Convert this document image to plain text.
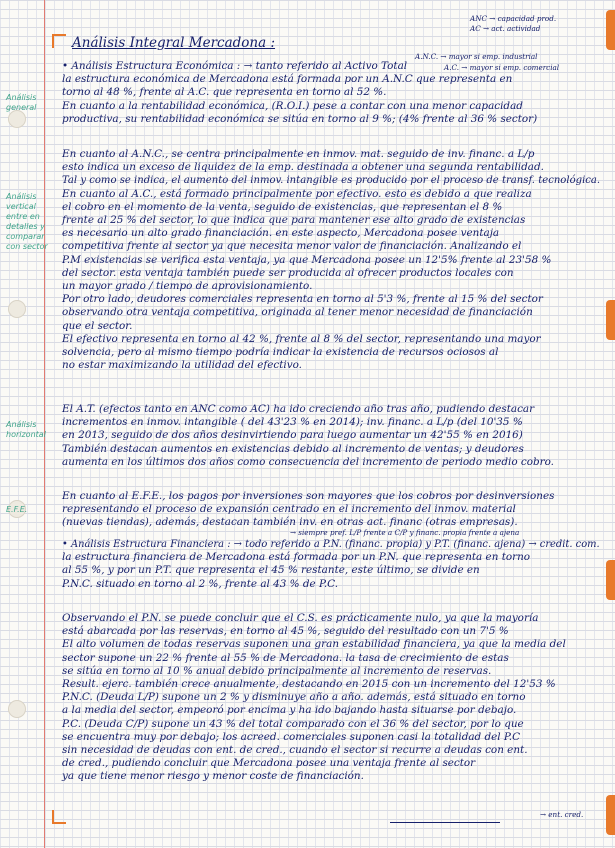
Análisis Integral Mercadona :
ANC → capacidad prod.
AC → act. actividad
Análisis general
Análisis vertical entre en detalles y comparar con sector
Análisis horizontal
E.F.E.
A.N.C. → mayor si emp. industrial
A.C. → mayor si emp. comercial
• Análisis Estructura Económica : → tanto referido al Activo Total
la estructura económica de Mercadona está formada por un A.N.C que representa en
torno al 48 %, frente al A.C. que representa en torno al 52 %.
En cuanto a la rentabilidad económica, (R.O.I.) pese a contar con una menor capacidad
productiva, su rentabilidad económica se sitúa en torno al 9 %; (4% frente al 36 % sector)
En cuanto al A.N.C., se centra principalmente en inmov. mat. seguido de inv. financ. a L/p
esto indica un exceso de liquidez de la emp. destinada a obtener una segunda rentabilidad.
Tal y como se indica, el aumento del inmov. intangible es producido por el proceso de transf. tecnológica.
En cuanto al A.C., está formado principalmente por efectivo. esto es debido a que realiza
el cobro en el momento de la venta, seguido de existencias, que representan el 8 %
frente al 25 % del sector, lo que indica que para mantener ese alto grado de existencias
es necesario un alto grado financiación. en este aspecto, Mercadona posee ventaja
competitiva frente al sector ya que necesita menor valor de financiación. Analizando el
P.M existencias se verifica esta ventaja, ya que Mercadona posee un 12'5% frente al 23'58 %
del sector. esta ventaja también puede ser producida al ofrecer productos locales con
un mayor grado / tiempo de aprovisionamiento.
Por otro lado, deudores comerciales representa en torno al 5'3 %, frente al 15 % del sector
observando otra ventaja competitiva, originada al tener menor necesidad de financiación
que el sector.
El efectivo representa en torno al 42 %, frente al 8 % del sector, representando una mayor
solvencia, pero al mismo tiempo podría indicar la existencia de recursos ociosos al
no estar maximizando la utilidad del efectivo.
El A.T. (efectos tanto en ANC como AC) ha ido creciendo año tras año, pudiendo destacar
incrementos en inmov. intangible ( del 43'23 % en 2014); inv. financ. a L/p (del 10'35 %
en 2013, seguido de dos años desinvirtiendo para luego aumentar un 42'55 % en 2016)
También destacan aumentos en existencias debido al incremento de ventas; y deudores
aumenta en los últimos dos años como consecuencia del incremento de periodo medio cobro.
En cuanto al E.F.E., los pagos por inversiones son mayores que los cobros por desinversiones
representando el proceso de expansión centrado en el incremento del inmov. material
(nuevas tiendas), además, destacan también inv. en otras act. financ (otras empresas).
• Análisis Estructura Financiera : → todo referido a P.N. (financ. propia) y P.T. (financ. ajena) → credit. com.
la estructura financiera de Mercadona está formada por un P.N. que representa en torno
al 55 %, y por un P.T. que representa el 45 % restante, este último, se divide en
P.N.C. situado en torno al 2 %, frente al 43 % de P.C.
Observando el P.N. se puede concluir que el C.S. es prácticamente nulo, ya que la mayoría
está abarcada por las reservas, en torno al 45 %, seguido del resultado con un 7'5 %
El alto volumen de todas reservas suponen una gran estabilidad financiera, ya que la media del
sector supone un 22 % frente al 55 % de Mercadona. la tasa de crecimiento de estas
se sitúa en torno al 10 % anual debido principalmente al incremento de reservas.
Result. ejerc. también crece anualmente, destacando en 2015 con un incremento del 12'53 %
P.N.C. (Deuda L/P) supone un 2 % y disminuye año a año. además, está situado en torno
a la media del sector, empeoró por encima y ha ido bajando hasta situarse por debajo.
P.C. (Deuda C/P) supone un 43 % del total comparado con el 36 % del sector, por lo que
se encuentra muy por debajo; los acreed. comerciales suponen casi la totalidad del P.C
sin necesidad de deudas con ent. de cred., cuando el sector si recurre a deudas con ent.
de cred., pudiendo concluir que Mercadona posee una ventaja frente al sector
ya que tiene menor riesgo y menor coste de financiación.
→ siempre pref. L/P frente a C/P y financ. propia frente a ajena
→ ent. cred.
